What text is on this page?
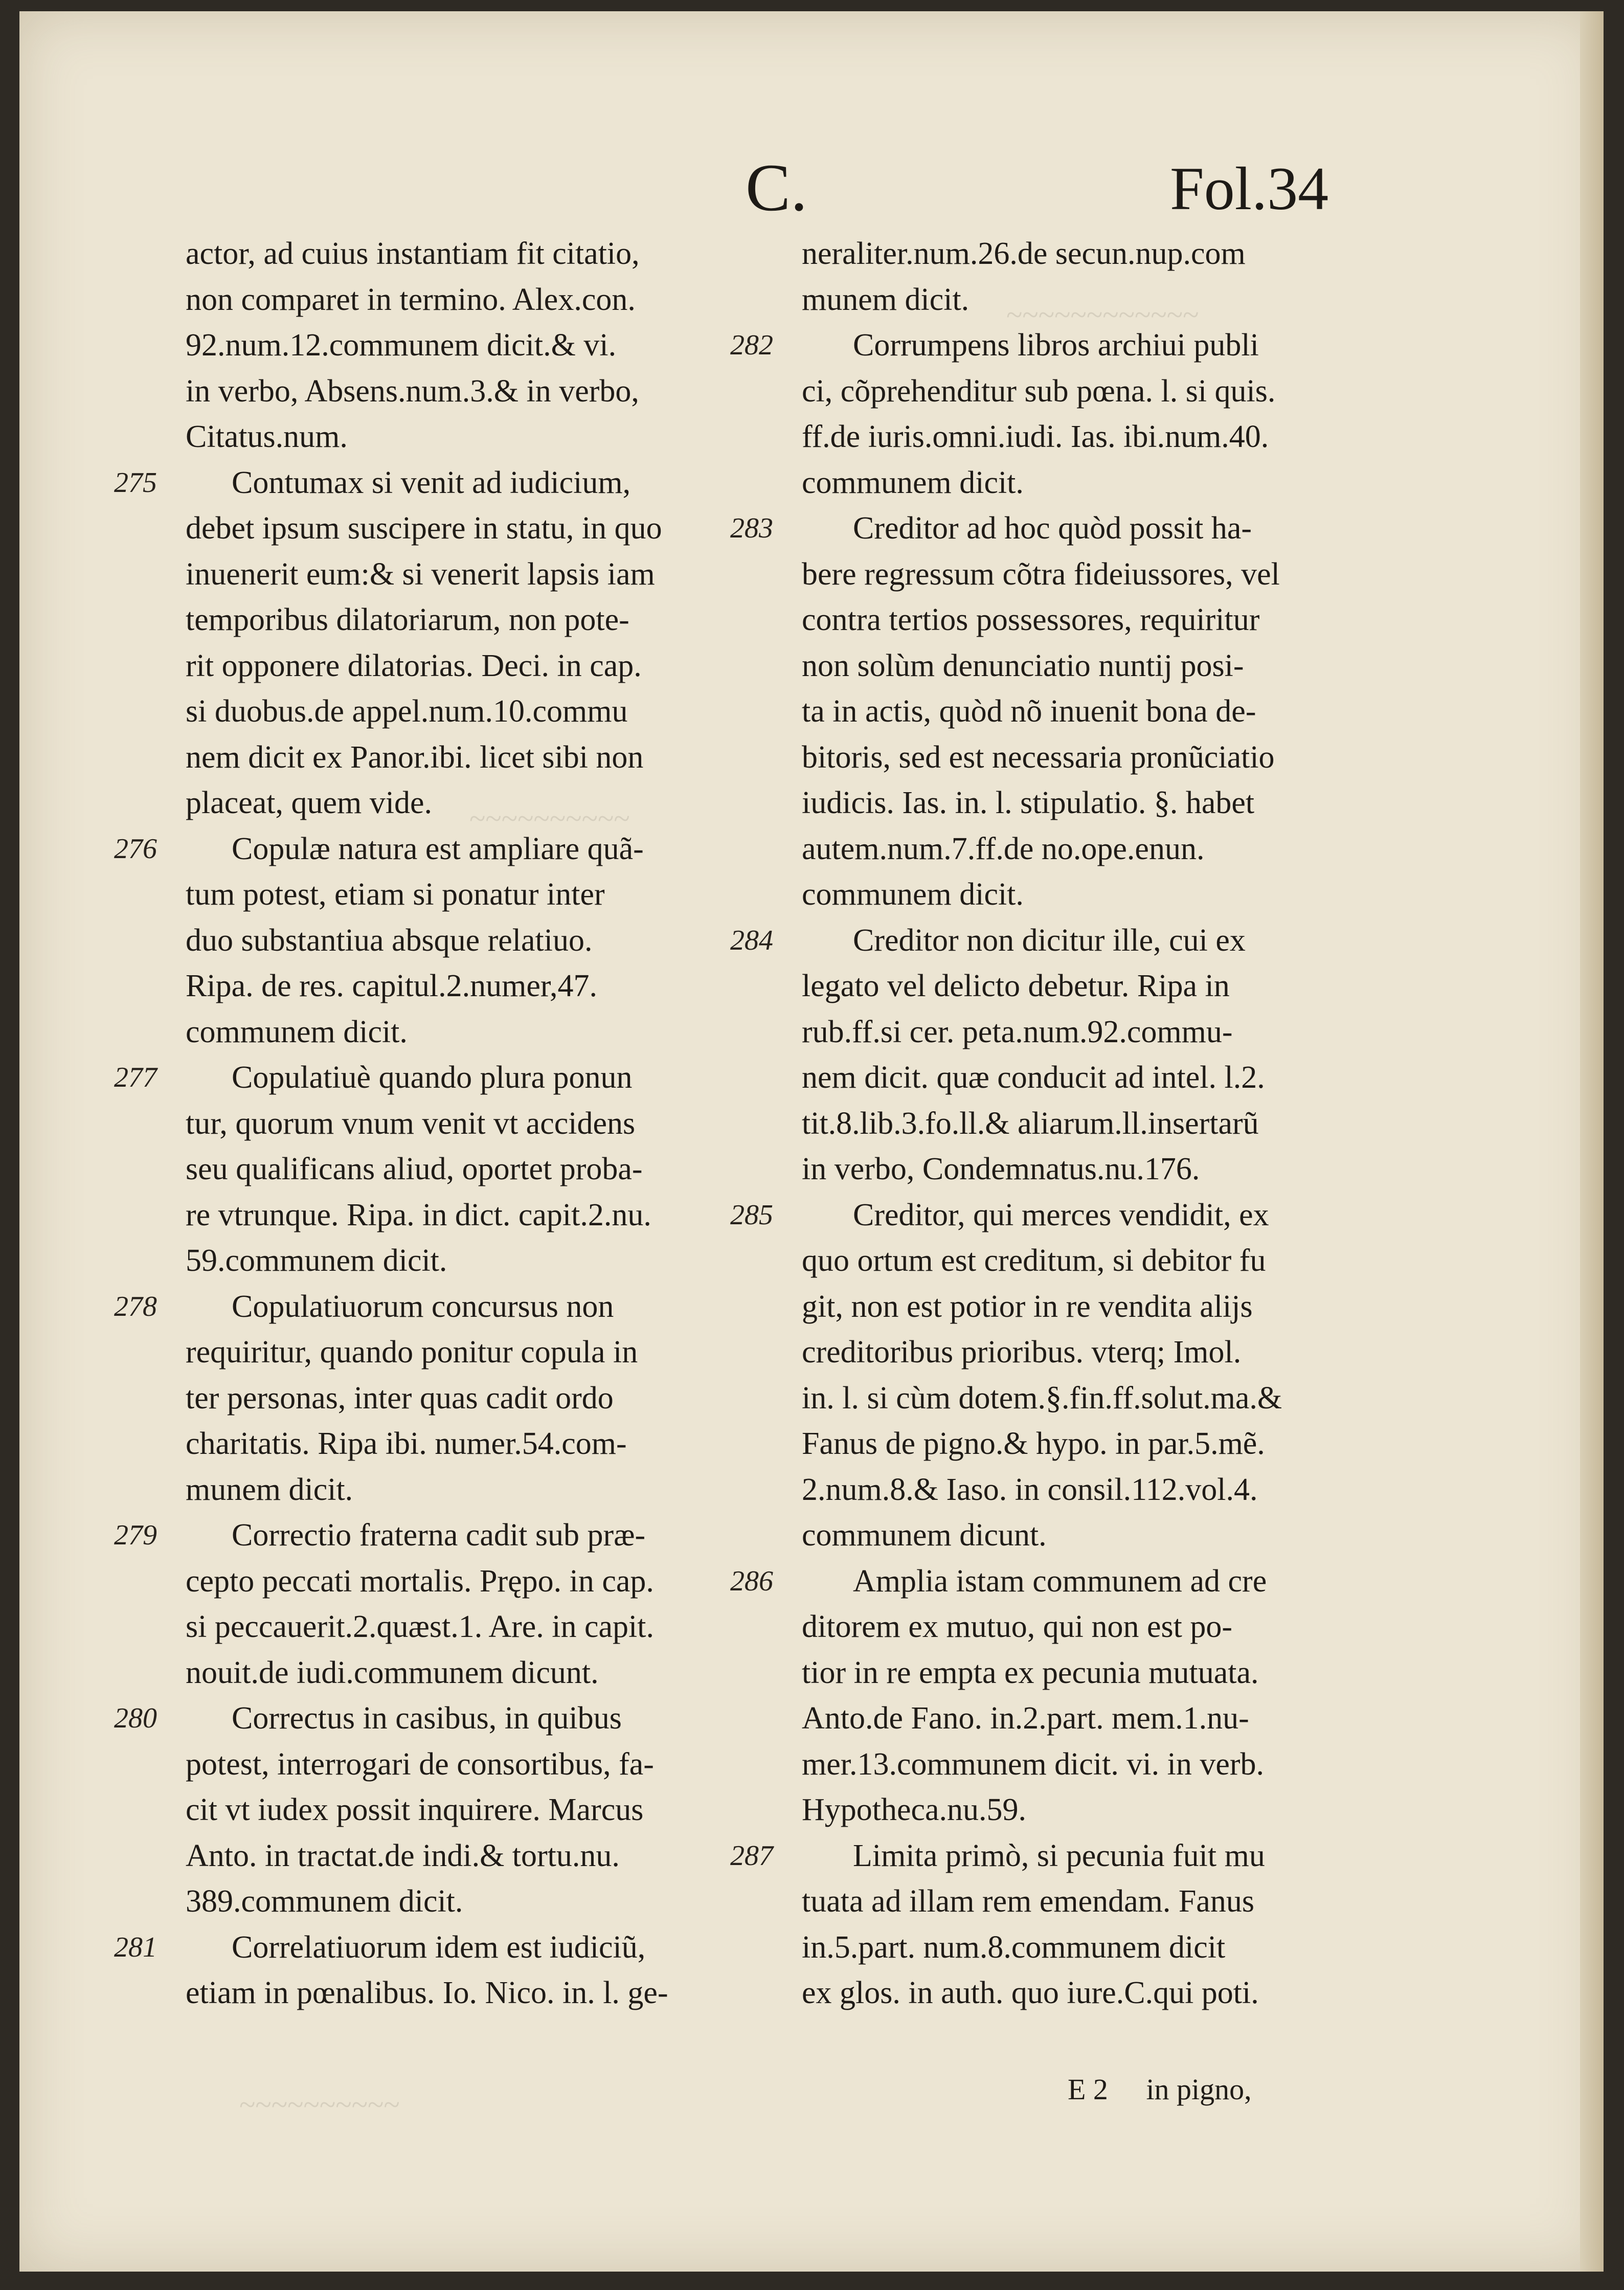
~~~~~~~~~~~~
~~~~~~~~~~
~~~~~~~~~~
C.	Fol.34
actor, ad cuius instantiam fit citatio,
non comparet in termino. Alex.con.
92.num.12.communem dicit.& vi.
in verbo, Absens.num.3.& in verbo,
Citatus.num.
275 Contumax si venit ad iudicium,
debet ipsum suscipere in statu, in quo
inuenerit eum:& si venerit lapsis iam
temporibus dilatoriarum, non pote-
rit opponere dilatorias. Deci. in cap.
si duobus.de appel.num.10.commu
nem dicit ex Panor.ibi. licet sibi non
placeat, quem vide.
276 Copulæ natura est ampliare quã-
tum potest, etiam si ponatur inter
duo substantiua absque relatiuo.
Ripa. de res. capitul.2.numer,47.
communem dicit.
277 Copulatiuè quando plura ponun
tur, quorum vnum venit vt accidens
seu qualificans aliud, oportet proba-
re vtrunque. Ripa. in dict. capit.2.nu.
59.communem dicit.
278 Copulatiuorum concursus non
requiritur, quando ponitur copula in
ter personas, inter quas cadit ordo
charitatis. Ripa ibi. numer.54.com-
munem dicit.
279 Correctio fraterna cadit sub præ-
cepto peccati mortalis. Prępo. in cap.
si peccauerit.2.quæst.1. Are. in capit.
nouit.de iudi.communem dicunt.
280 Correctus in casibus, in quibus
potest, interrogari de consortibus, fa-
cit vt iudex possit inquirere. Marcus
Anto. in tractat.de indi.& tortu.nu.
389.communem dicit.
281 Correlatiuorum idem est iudiciũ,
etiam in pœnalibus. Io. Nico. in. l. ge-
neraliter.num.26.de secun.nup.com
munem dicit.
282	Corrumpens libros archiui publi
ci, cõprehenditur sub pœna. l. si quis.
ff.de iuris.omni.iudi. Ias. ibi.num.40.
communem dicit.
283	Creditor ad hoc quòd possit ha-
bere regressum cõtra fideiussores, vel
contra tertios possessores, requiritur
non solùm denunciatio nuntij posi-
ta in actis, quòd nõ inuenit bona de-
bitoris, sed est necessaria pronũciatio
iudicis. Ias. in. l. stipulatio. §. habet
autem.num.7.ff.de no.ope.enun.
communem dicit.
284	Creditor non dicitur ille, cui ex
legato vel delicto debetur. Ripa in
rub.ff.si cer. peta.num.92.commu-
nem dicit. quæ conducit ad intel. l.2.
tit.8.lib.3.fo.ll.& aliarum.ll.insertarũ
in verbo, Condemnatus.nu.176.
285	Creditor, qui merces vendidit, ex
quo ortum est creditum, si debitor fu
git, non est potior in re vendita alijs
creditoribus prioribus. vterq; Imol.
in. l. si cùm dotem.§.fin.ff.solut.ma.&
Fanus de pigno.& hypo. in par.5.mẽ.
2.num.8.& Iaso. in consil.112.vol.4.
communem dicunt.
286	Amplia istam communem ad cre
ditorem ex mutuo, qui non est po-
tior in re empta ex pecunia mutuata.
Anto.de Fano. in.2.part. mem.1.nu-
mer.13.communem dicit. vi. in verb.
Hypotheca.nu.59.
287	Limita primò, si pecunia fuit mu
tuata ad illam rem emendam. Fanus
in.5.part. num.8.communem dicit
ex glos. in auth. quo iure.C.qui poti.
E 2 in pigno,
